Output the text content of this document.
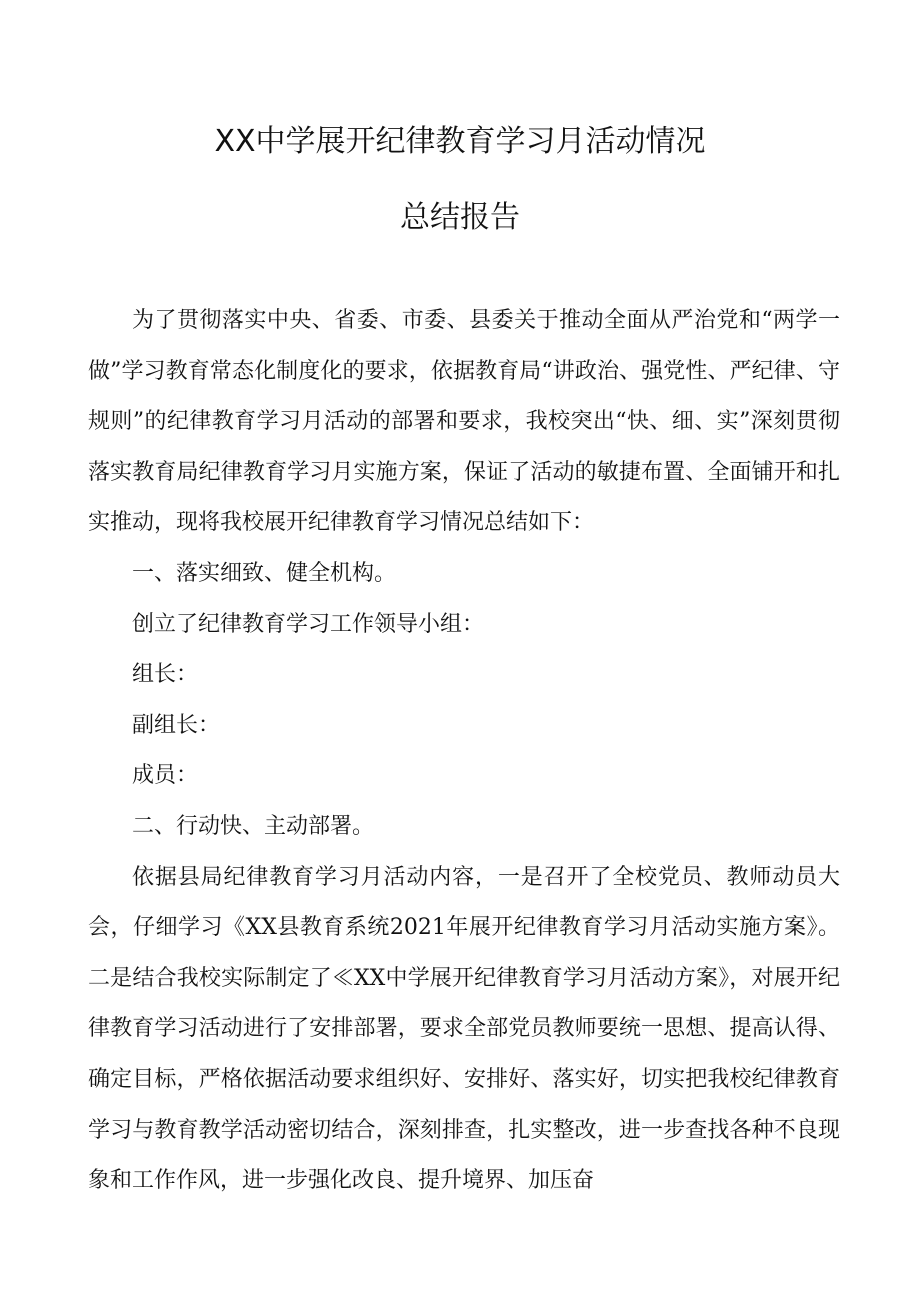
XX中学展开纪律教育学习月活动情况
总结报告

为了贯彻落实中央、省委、市委、县委关于推动全面从严治党和“两学一做”学习教育常态化制度化的要求，依据教育局“讲政治、强党性、严纪律、守规则”的纪律教育学习月活动的部署和要求，我校突出“快、细、实”深刻贯彻落实教育局纪律教育学习月实施方案，保证了活动的敏捷布置、全面铺开和扎实推动，现将我校展开纪律教育学习情况总结如下：

一、落实细致、健全机构。

创立了纪律教育学习工作领导小组：

组长：

副组长：

成员：

二、行动快、主动部署。

依据县局纪律教育学习月活动内容，一是召开了全校党员、教师动员大会，仔细学习《XX县教育系统2021年展开纪律教育学习月活动实施方案》。二是结合我校实际制定了≪XX中学展开纪律教育学习月活动方案》，对展开纪律教育学习活动进行了安排部署，要求全部党员教师要统一思想、提高认得、确定目标，严格依据活动要求组织好、安排好、落实好，切实把我校纪律教育学习与教育教学活动密切结合，深刻排查，扎实整改，进一步查找各种不良现象和工作作风，进一步强化改良、提升境界、加压奋
